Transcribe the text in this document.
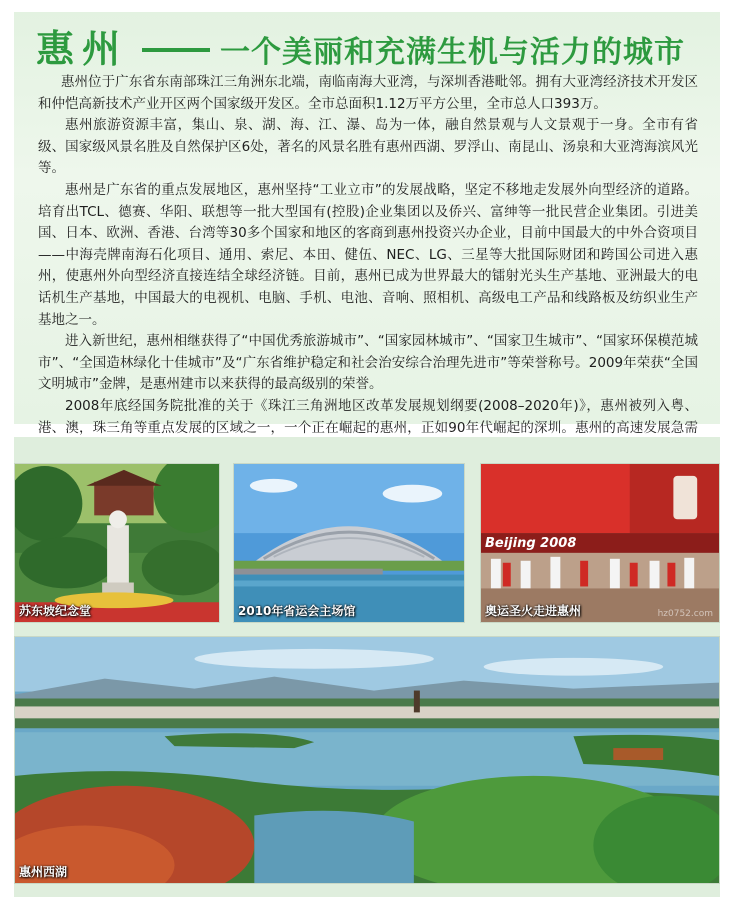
惠州	一个美丽和充满生机与活力的城市

惠州位于广东省东南部珠江三角洲东北端，南临南海大亚湾，与深圳香港毗邻。拥有大亚湾经济技术开发区和仲恺高新技术产业开区两个国家级开发区。全市总面积1.12万平方公里，全市总人口393万。

惠州旅游资源丰富，集山、泉、湖、海、江、瀑、岛为一体，融自然景观与人文景观于一身。全市有省级、国家级风景名胜及自然保护区6处，著名的风景名胜有惠州西湖、罗浮山、南昆山、汤泉和大亚湾海滨风光等。

惠州是广东省的重点发展地区，惠州坚持“工业立市”的发展战略，坚定不移地走发展外向型经济的道路。培育出TCL、德赛、华阳、联想等一批大型国有(控股)企业集团以及侨兴、富绅等一批民营企业集团。引进美国、日本、欧洲、香港、台湾等30多个国家和地区的客商到惠州投资兴办企业，目前中国最大的中外合资项目——中海壳牌南海石化项目、通用、索尼、本田、健伍、NEC、LG、三星等大批国际财团和跨国公司进入惠州，使惠州外向型经济直接连结全球经济链。目前，惠州已成为世界最大的镭射光头生产基地、亚洲最大的电话机生产基地，中国最大的电视机、电脑、手机、电池、音响、照相机、高级电工产品和线路板及纺织业生产基地之一。

进入新世纪，惠州相继获得了“中国优秀旅游城市”、“国家园林城市”、“国家卫生城市”、“国家环保模范城市”、“全国造林绿化十佳城市”及“广东省维护稳定和社会治安综合治理先进市”等荣誉称号。2009年荣获“全国文明城市”金牌，是惠州建市以来获得的最高级别的荣誉。

2008年底经国务院批准的关于《珠江三角洲地区改革发展规划纲要(2008–2020年)》，惠州被列入粤、港、澳，珠三角等重点发展的区域之一，一个正在崛起的惠州，正如90年代崛起的深圳。惠州的高速发展急需

苏东坡纪念堂	2010年省运会主场馆
Beijing 2008
奥运圣火走进惠州	hz0752.com
惠州西湖
